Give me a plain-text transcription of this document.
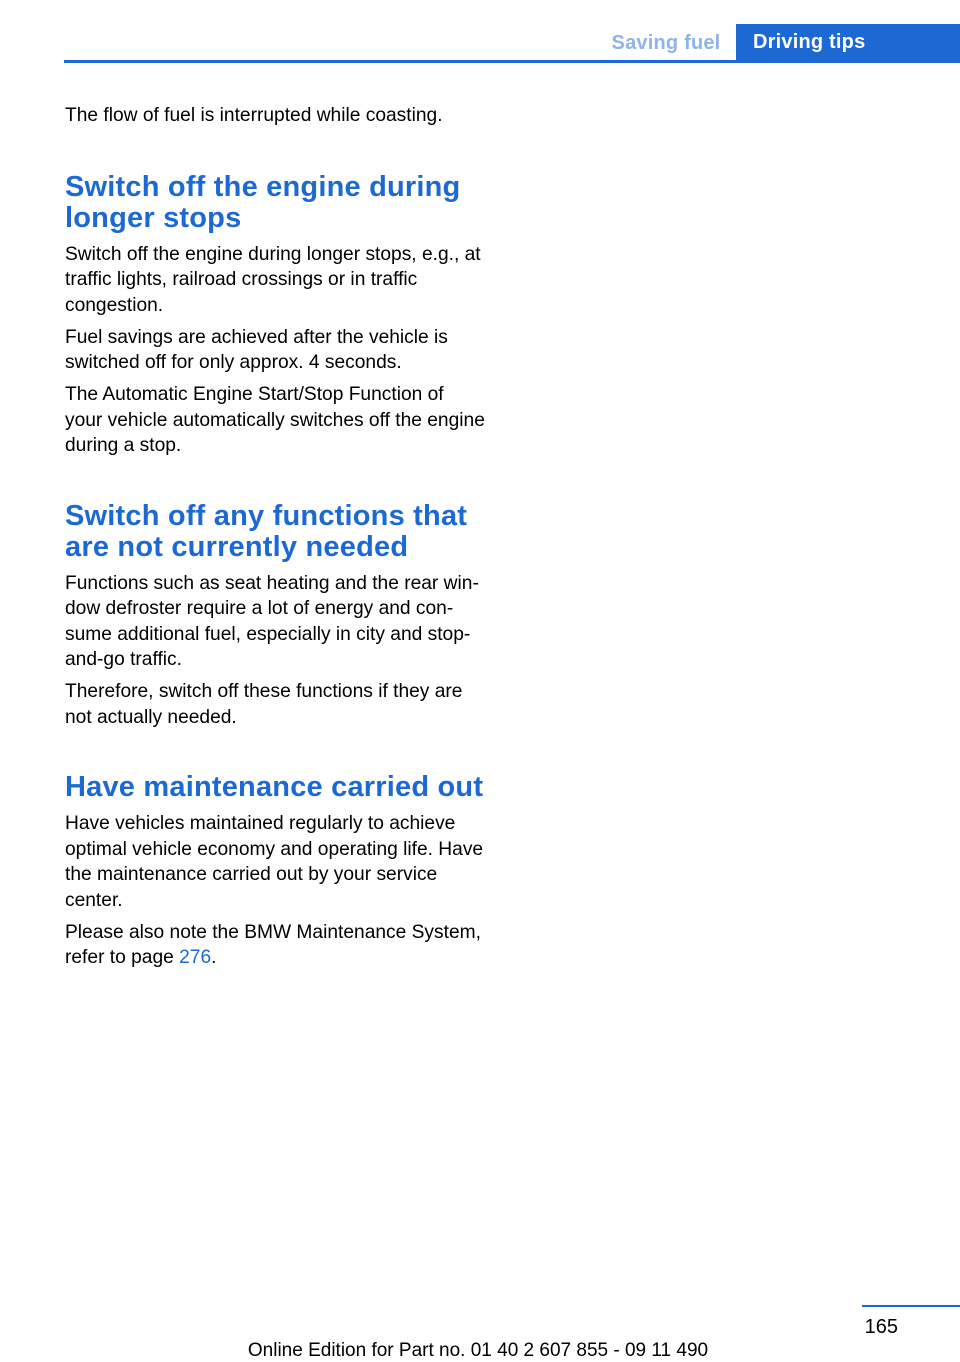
Saving fuel Driving tips

The flow of fuel is interrupted while coasting.

Switch off the engine during longer stops

Switch off the engine during longer stops, e.g., at traffic lights, railroad crossings or in traffic congestion.

Fuel savings are achieved after the vehicle is switched off for only approx. 4 seconds.

The Automatic Engine Start/Stop Function of your vehicle automatically switches off the engine during a stop.

Switch off any functions that are not currently needed

Functions such as seat heating and the rear window defroster require a lot of energy and consume additional fuel, especially in city and stop-and-go traffic.

Therefore, switch off these functions if they are not actually needed.

Have maintenance carried out

Have vehicles maintained regularly to achieve optimal vehicle economy and operating life. Have the maintenance carried out by your service center.

Please also note the BMW Maintenance System, refer to page 276.

165
Online Edition for Part no. 01 40 2 607 855 - 09 11 490
